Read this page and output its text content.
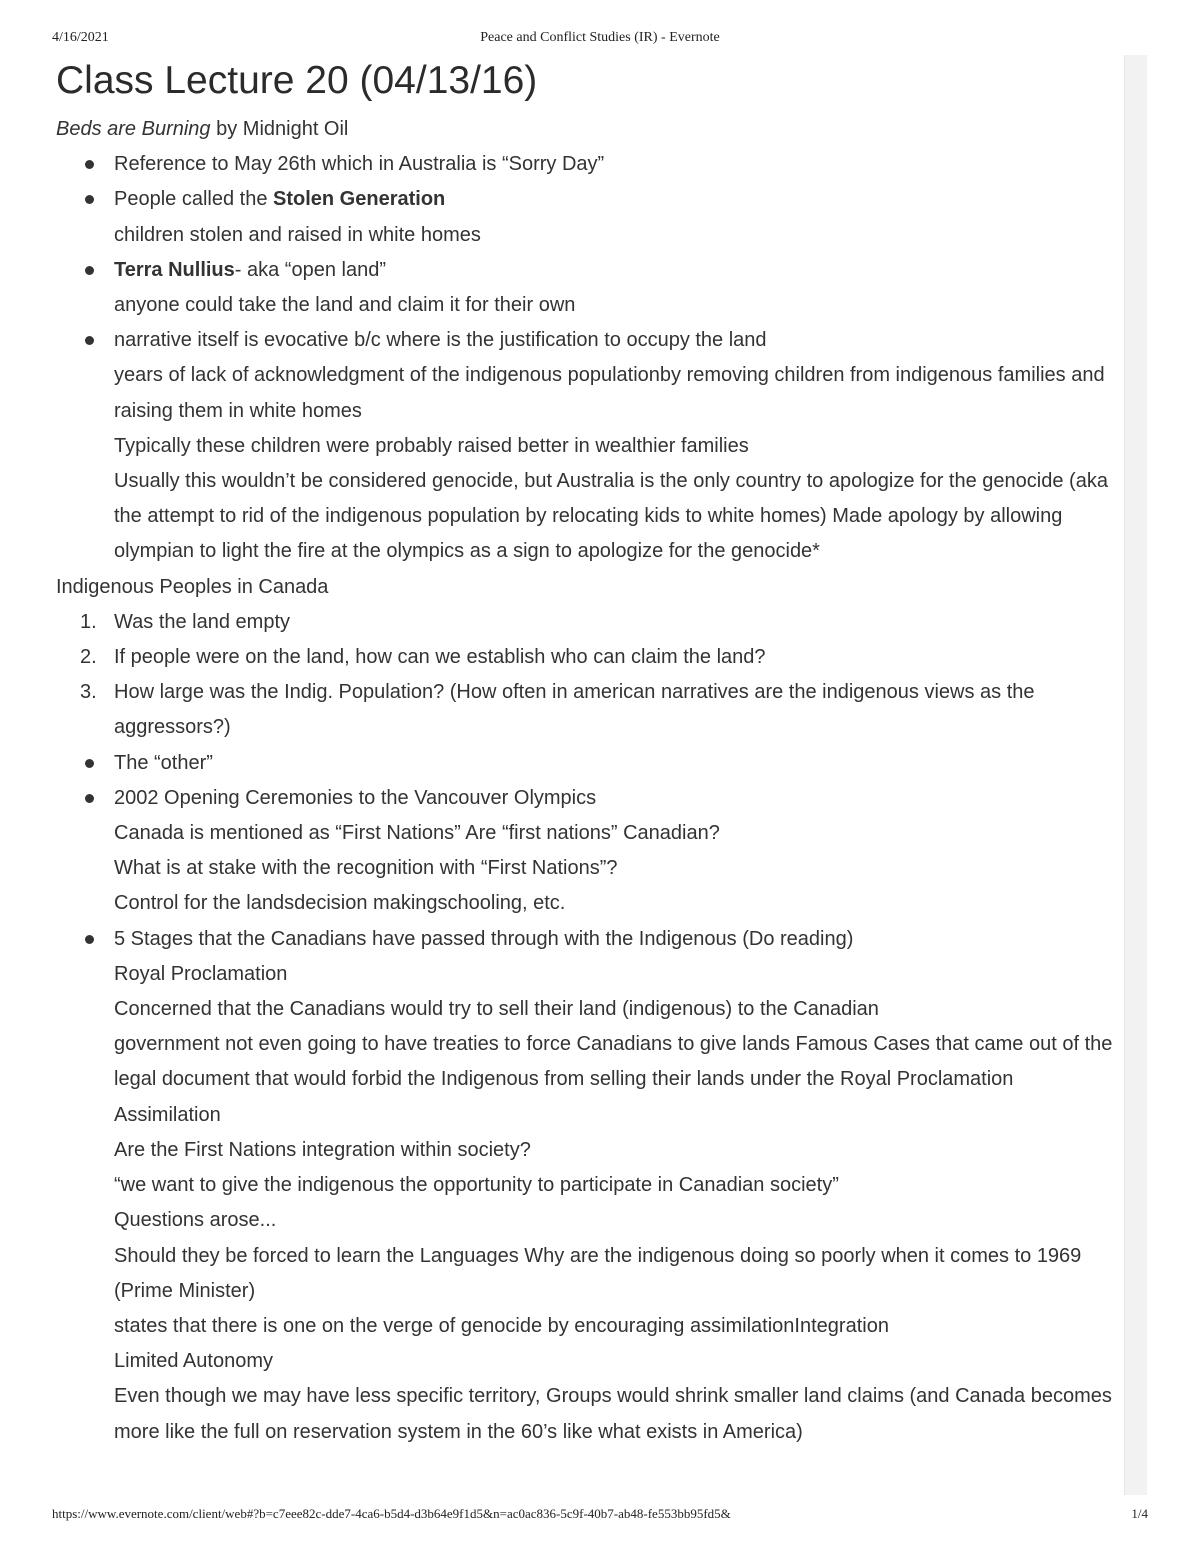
4/16/2021	Peace and Conflict Studies (IR) - Evernote
Class Lecture 20 (04/13/16)
Beds are Burning by Midnight Oil
Reference to May 26th which in Australia is “Sorry Day”
People called the Stolen Generation
children stolen and raised in white homes
Terra Nullius- aka “open land”
anyone could take the land and claim it for their own
narrative itself is evocative b/c where is the justification to occupy the land
years of lack of acknowledgment of the indigenous populationby removing children from indigenous families and raising them in white homes
Typically these children were probably raised better in wealthier families
Usually this wouldn’t be considered genocide, but Australia is the only country to apologize for the genocide (aka the attempt to rid of the indigenous population by relocating kids to white homes) Made apology by allowing olympian to light the fire at the olympics as a sign to apologize for the genocide*
Indigenous Peoples in Canada
1. Was the land empty
2. If people were on the land, how can we establish who can claim the land?
3. How large was the Indig. Population? (How often in american narratives are the indigenous views as the aggressors?)
The “other”
2002 Opening Ceremonies to the Vancouver Olympics
Canada is mentioned as “First Nations” Are “first nations” Canadian?
What is at stake with the recognition with “First Nations”?
Control for the landsdecision makingschooling, etc.
5 Stages that the Canadians have passed through with the Indigenous (Do reading)
Royal Proclamation
Concerned that the Canadians would try to sell their land (indigenous) to the Canadian
government not even going to have treaties to force Canadians to give lands Famous Cases that came out of the legal document that would forbid the Indigenous from selling their lands under the Royal Proclamation
Assimilation
Are the First Nations integration within society?
“we want to give the indigenous the opportunity to participate in Canadian society”
Questions arose...
Should they be forced to learn the Languages Why are the indigenous doing so poorly when it comes to 1969 (Prime Minister)
states that there is one on the verge of genocide by encouraging assimilationIntegration
Limited Autonomy
Even though we may have less specific territory, Groups would shrink smaller land claims (and Canada becomes more like the full on reservation system in the 60’s like what exists in America)
https://www.evernote.com/client/web#?b=c7eee82c-dde7-4ca6-b5d4-d3b64e9f1d5&n=ac0ac836-5c9f-40b7-ab48-fe553bb95fd5&	1/4
